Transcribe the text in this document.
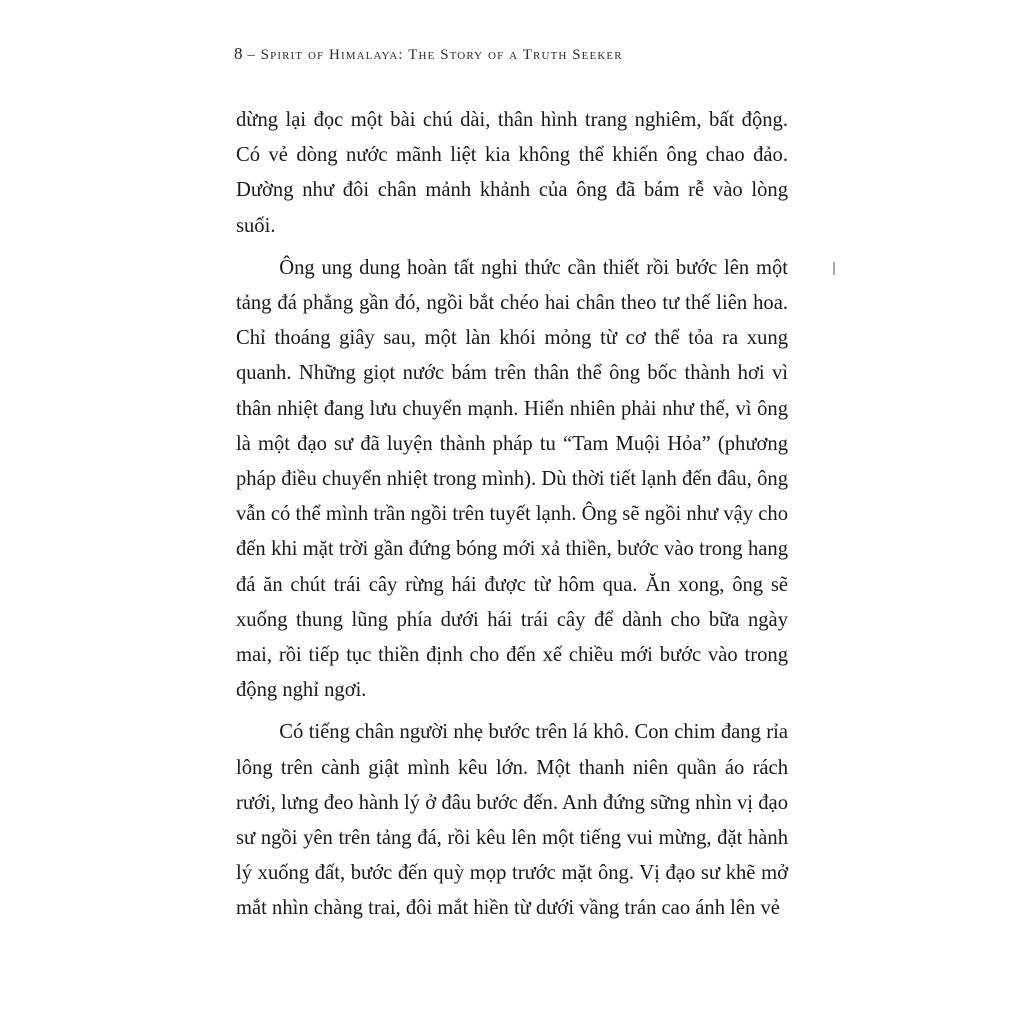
8 – Spirit of Himalaya: The Story of a Truth Seeker

dừng lại đọc một bài chú dài, thân hình trang nghiêm, bất động. Có vẻ dòng nước mãnh liệt kia không thể khiến ông chao đảo. Dường như đôi chân mảnh khảnh của ông đã bám rễ vào lòng suối.

Ông ung dung hoàn tất nghi thức cần thiết rồi bước lên một tảng đá phẳng gần đó, ngồi bắt chéo hai chân theo tư thế liên hoa. Chỉ thoáng giây sau, một làn khói mỏng từ cơ thể tỏa ra xung quanh. Những giọt nước bám trên thân thể ông bốc thành hơi vì thân nhiệt đang lưu chuyển mạnh. Hiển nhiên phải như thế, vì ông là một đạo sư đã luyện thành pháp tu “Tam Muội Hỏa” (phương pháp điều chuyển nhiệt trong mình). Dù thời tiết lạnh đến đâu, ông vẫn có thể mình trần ngồi trên tuyết lạnh. Ông sẽ ngồi như vậy cho đến khi mặt trời gần đứng bóng mới xả thiền, bước vào trong hang đá ăn chút trái cây rừng hái được từ hôm qua. Ăn xong, ông sẽ xuống thung lũng phía dưới hái trái cây để dành cho bữa ngày mai, rồi tiếp tục thiền định cho đến xế chiều mới bước vào trong động nghỉ ngơi.

Có tiếng chân người nhẹ bước trên lá khô. Con chim đang rỉa lông trên cành giật mình kêu lớn. Một thanh niên quần áo rách rưới, lưng đeo hành lý ở đâu bước đến. Anh đứng sững nhìn vị đạo sư ngồi yên trên tảng đá, rồi kêu lên một tiếng vui mừng, đặt hành lý xuống đất, bước đến quỳ mọp trước mặt ông. Vị đạo sư khẽ mở mắt nhìn chàng trai, đôi mắt hiền từ dưới vầng trán cao ánh lên vẻ
